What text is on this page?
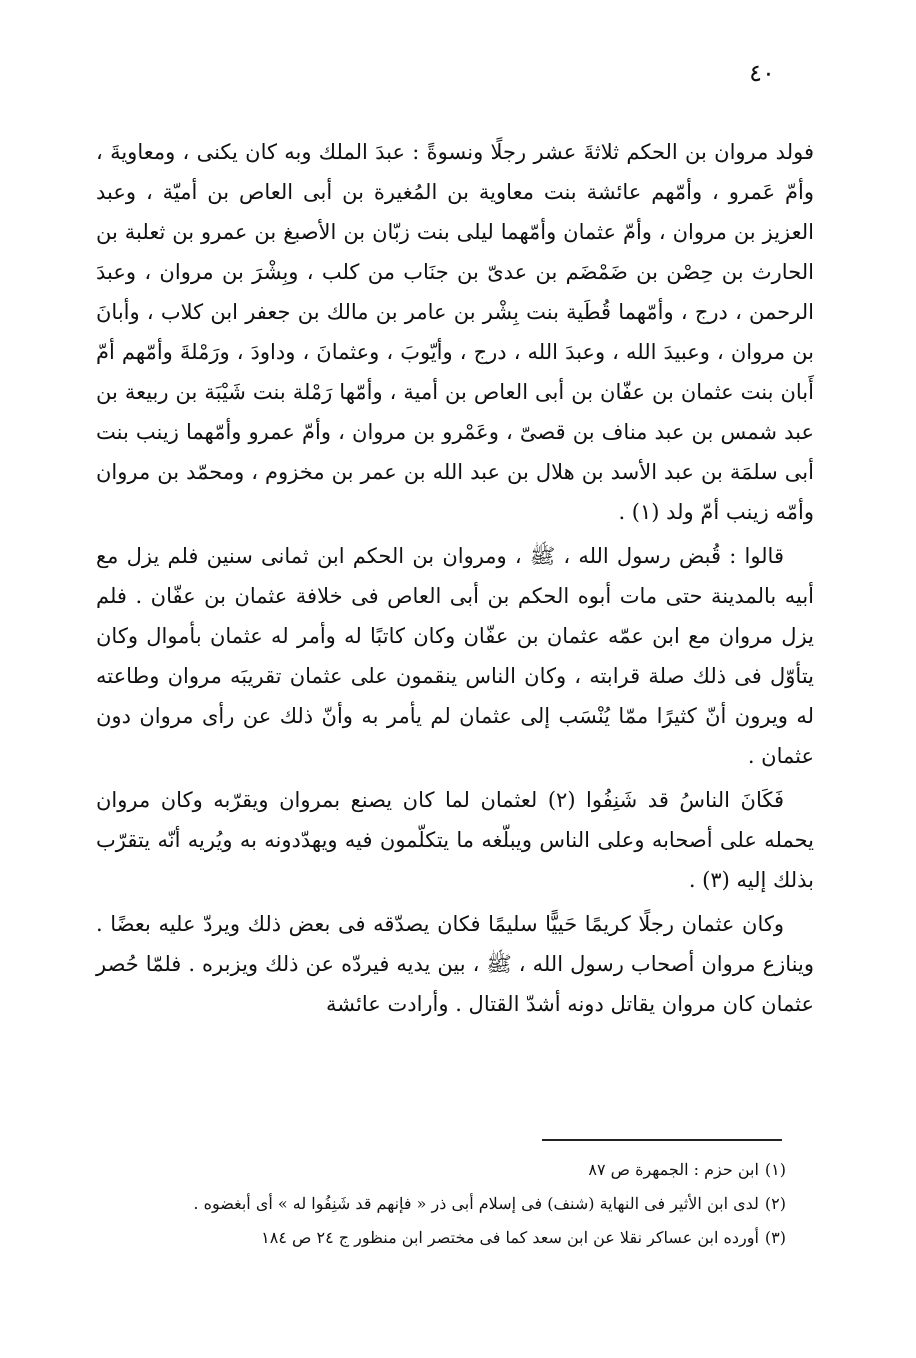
٤٠

فولد مروان بن الحكم ثلاثةَ عشر رجلًا ونسوةً : عبدَ الملك وبه كان يكنى ، ومعاويةَ ، وأمّ عَمرو ، وأمّهم عائشة بنت معاوية بن المُغيرة بن أبى العاص بن أميّة ، وعبد العزيز بن مروان ، وأمّ عثمان وأمّهما ليلى بنت زبّان بن الأصبغ بن عمرو بن ثعلبة بن الحارث بن حِصْن بن ضَمْضَم بن عدىّ بن جنَاب من كلب ، وبِشْرَ بن مروان ، وعبدَ الرحمن ، درج ، وأمّهما قُطَية بنت بِشْر بن عامر بن مالك بن جعفر ابن كلاب ، وأبانَ بن مروان ، وعبيدَ الله ، وعبدَ الله ، درج ، وأيّوبَ ، وعثمانَ ، وداودَ ، ورَمْلةَ وأمّهم أمّ أَبان بنت عثمان بن عفّان بن أبى العاص بن أمية ، وأمّها رَمْلة بنت شَيْبَة بن ربيعة بن عبد شمس بن عبد مناف بن قصىّ ، وعَمْرو بن مروان ، وأمّ عمرو وأمّهما زينب بنت أبى سلمَة بن عبد الأسد بن هلال بن عبد الله بن عمر بن مخزوم ، ومحمّد بن مروان وأمّه زينب أمّ ولد (١) .

قالوا : قُبض رسول الله ، ﷺ ، ومروان بن الحكم ابن ثمانى سنين فلم يزل مع أبيه بالمدينة حتى مات أبوه الحكم بن أبى العاص فى خلافة عثمان بن عفّان . فلم يزل مروان مع ابن عمّه عثمان بن عفّان وكان كاتبًا له وأمر له عثمان بأموال وكان يتأوّل فى ذلك صلة قرابته ، وكان الناس ينقمون على عثمان تقريبَه مروان وطاعته له ويرون أنّ كثيرًا ممّا يُنْسَب إلى عثمان لم يأمر به وأنّ ذلك عن رأى مروان دون عثمان .

فَكَانَ الناسُ قد شَنِفُوا (٢) لعثمان لما كان يصنع بمروان ويقرّبه وكان مروان يحمله على أصحابه وعلى الناس ويبلّغه ما يتكلّمون فيه ويهدّدونه به ويُريه أنّه يتقرّب بذلك إليه (٣) .

وكان عثمان رجلًا كريمًا حَييًّا سليمًا فكان يصدّقه فى بعض ذلك ويردّ عليه بعضًا . وينازع مروان أصحاب رسول الله ، ﷺ ، بين يديه فيردّه عن ذلك ويزبره . فلمّا حُصر عثمان كان مروان يقاتل دونه أشدّ القتال . وأرادت عائشة

(١)ابن حزم : الجمهرة ص ٨٧
(٢)لدى ابن الأثير فى النهاية (شنف) فى إسلام أبى ذر « فإنهم قد شَنِفُوا له » أى أبغضوه .
(٣)أورده ابن عساكر نقلا عن ابن سعد كما فى مختصر ابن منظور ج ٢٤ ص ١٨٤
